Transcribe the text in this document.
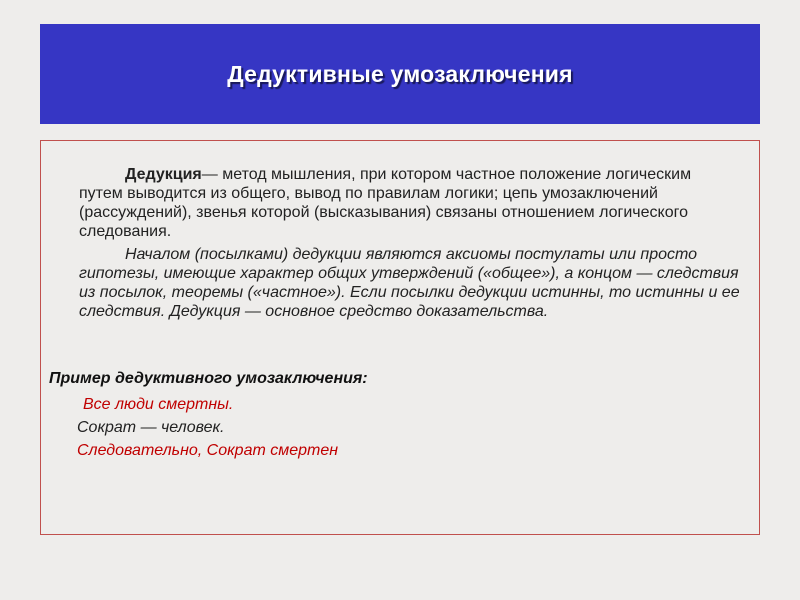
Дедуктивные умозаключения
Дедукция— метод мышления, при котором частное положение логическим путем выводится из общего, вывод по правилам логики; цепь умозаключений (рассуждений), звенья которой (высказывания) связаны отношением логического следования.
Началом (посылками) дедукции являются аксиомы постулаты или просто гипотезы, имеющие характер общих утверждений («общее»), а концом — следствия из посылок, теоремы («частное»). Если посылки дедукции истинны, то истинны и ее следствия. Дедукция — основное средство доказательства.
Пример дедуктивного умозаключения:
Все люди смертны.
Сократ — человек.
Следовательно, Сократ смертен
